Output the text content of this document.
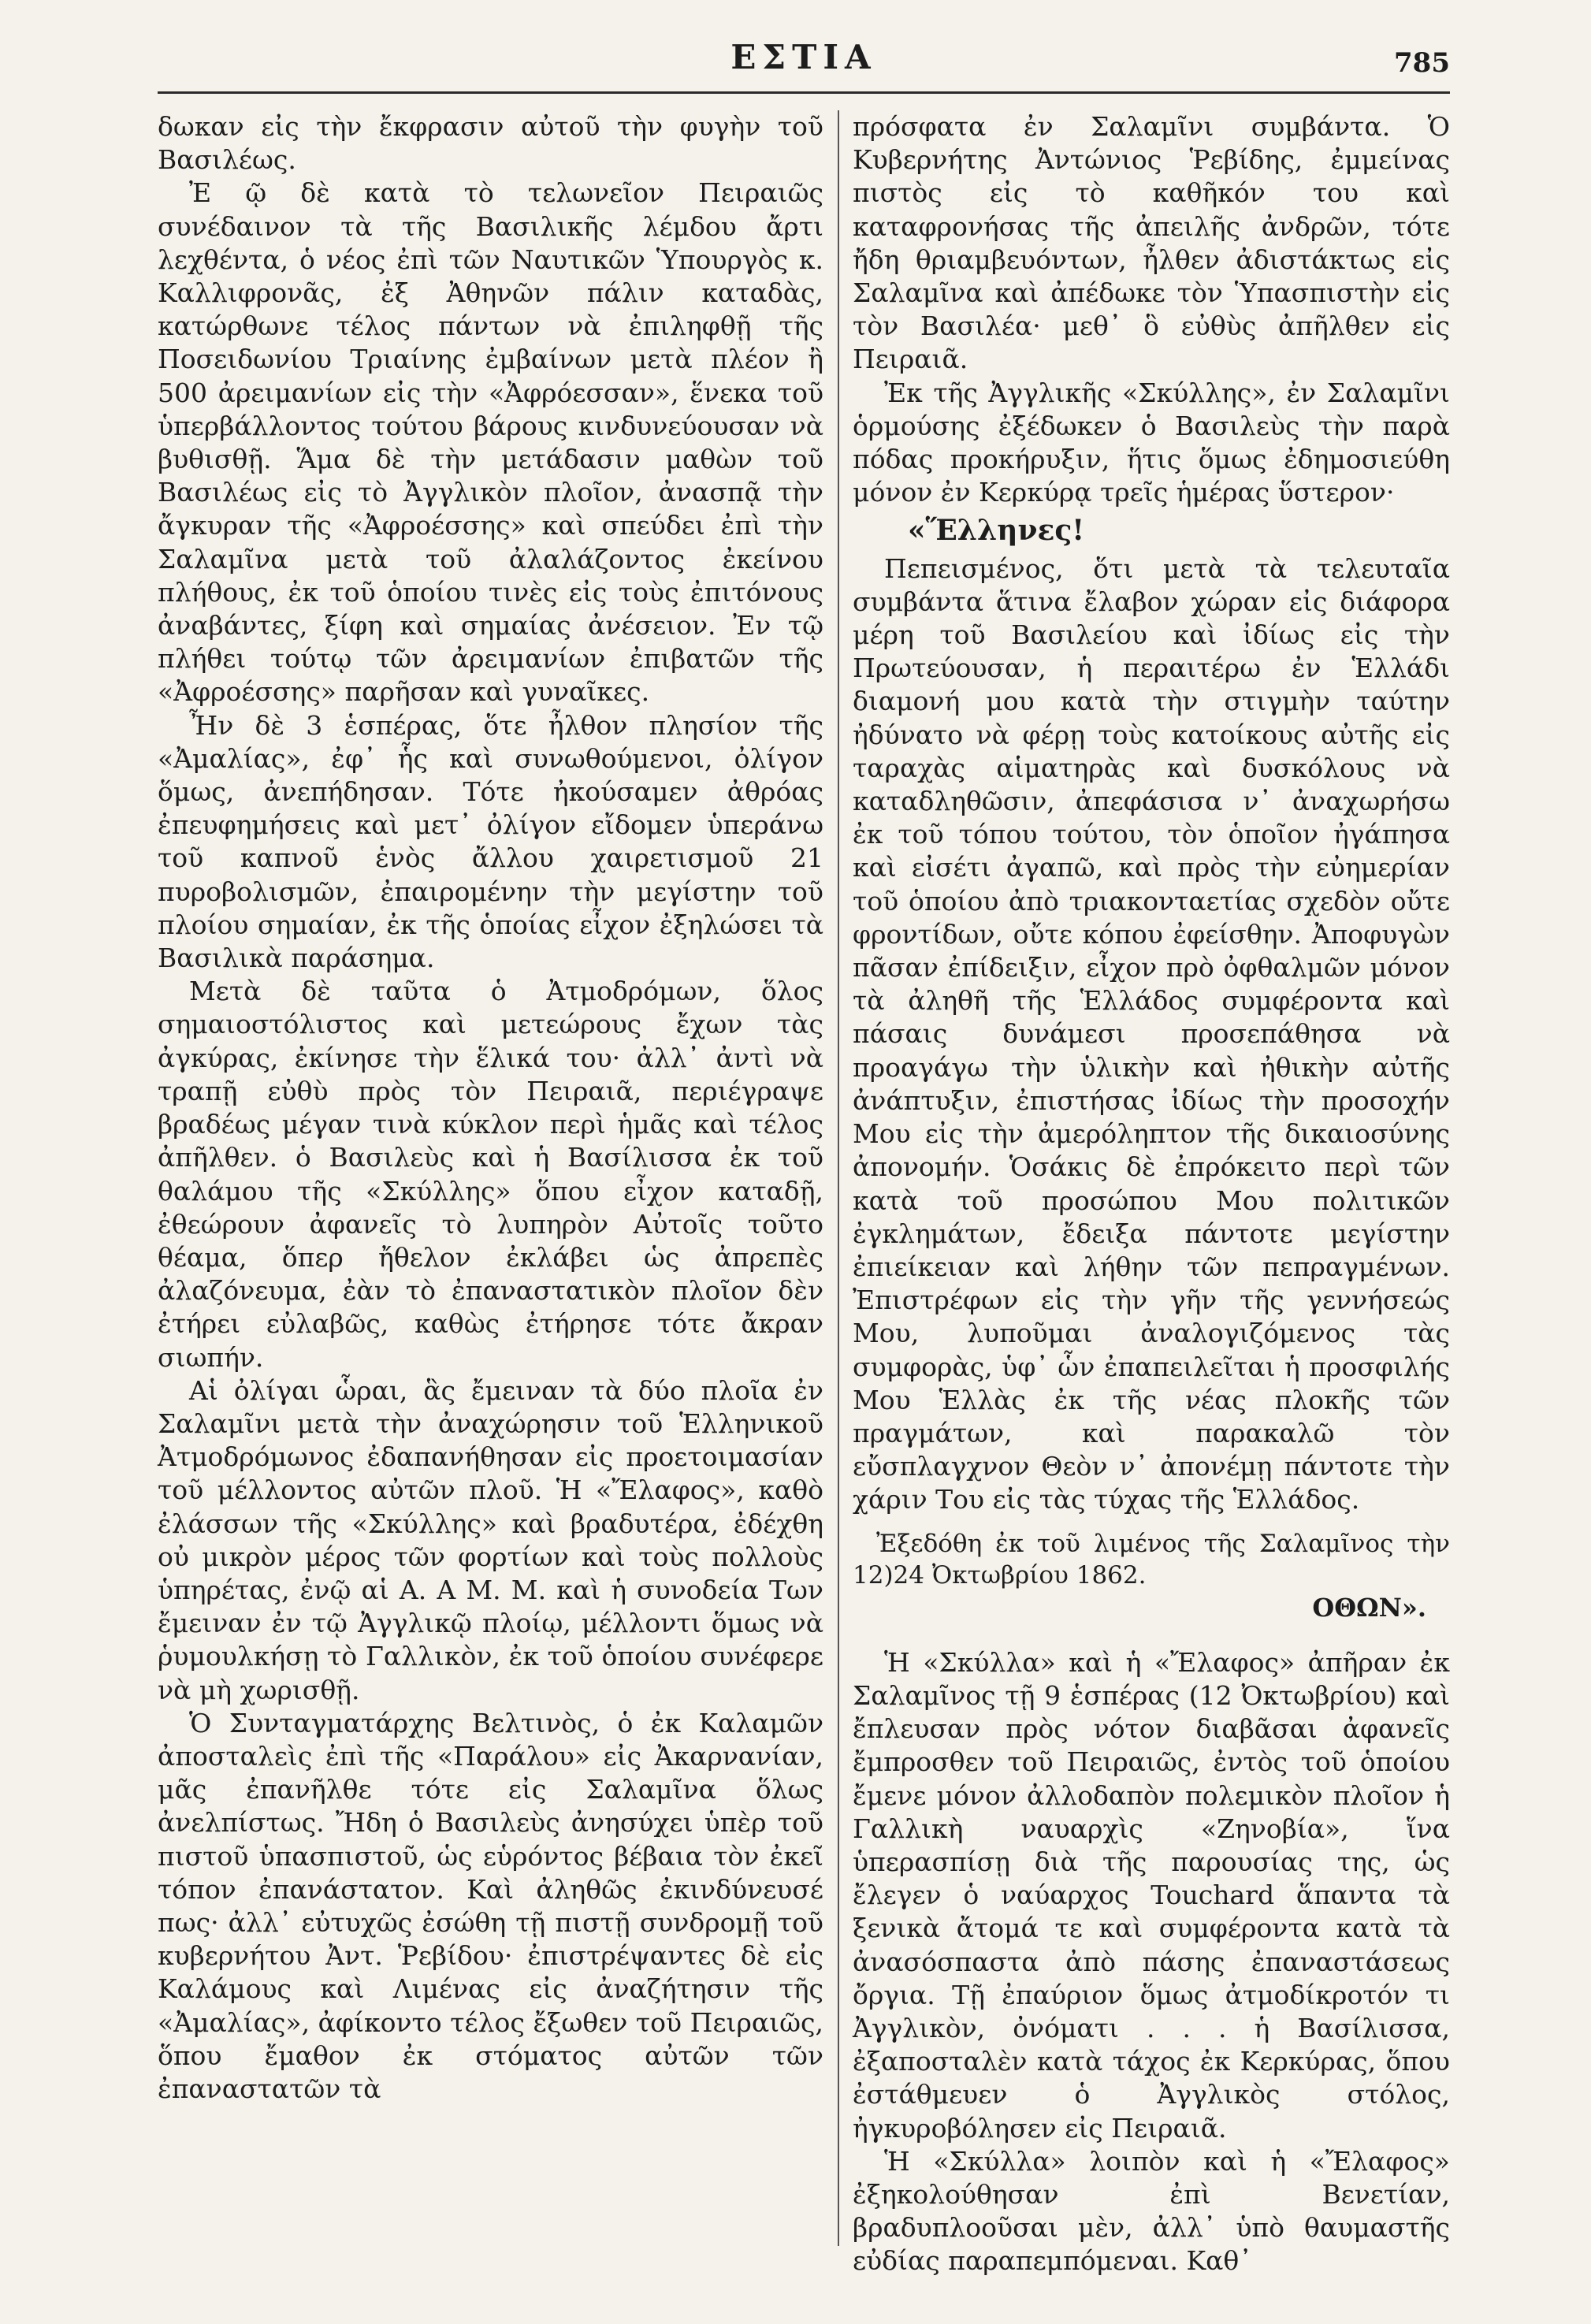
ΕΣΤΙΑ	785

δωκαν εἰς τὴν ἔκφρασιν αὐτοῦ τὴν φυγὴν τοῦ Βασιλέως.

Ἐ ῷ δὲ κατὰ τὸ τελωνεῖον Πειραιῶς συνέδαινον τὰ τῆς Βασιλικῆς λέμδου ἄρτι λεχθέντα, ὁ νέος ἐπὶ τῶν Ναυτικῶν Ὑπουργὸς κ. Καλλιφρονᾶς, ἐξ Ἀθηνῶν πάλιν καταδὰς, κατώρθωνε τέλος πάντων νὰ ἐπιληφθῇ τῆς Ποσειδωνίου Τριαίνης ἐμβαίνων μετὰ πλέον ἢ 500 ἀρειμανίων εἰς τὴν «Ἀφρόεσσαν», ἕνεκα τοῦ ὑπερβάλλοντος τούτου βάρους κινδυνεύουσαν νὰ βυθισθῇ. Ἅμα δὲ τὴν μετάδασιν μαθὼν τοῦ Βασιλέως εἰς τὸ Ἀγγλικὸν πλοῖον, ἀνασπᾷ τὴν ἄγκυραν τῆς «Ἀφροέσσης» καὶ σπεύδει ἐπὶ τὴν Σαλαμῖνα μετὰ τοῦ ἀλαλάζοντος ἐκείνου πλήθους, ἐκ τοῦ ὁποίου τινὲς εἰς τοὺς ἐπιτόνους ἀναβάντες, ξίφη καὶ σημαίας ἀνέσειον. Ἐν τῷ πλήθει τούτῳ τῶν ἀρειμανίων ἐπιβατῶν τῆς «Ἀφροέσσης» παρῆσαν καὶ γυναῖκες.

Ἦν δὲ 3 ἑσπέρας, ὅτε ἦλθον πλησίον τῆς «Ἀμαλίας», ἐφ᾿ ἧς καὶ συνωθούμενοι, ὀλίγον ὅμως, ἀνεπήδησαν. Τότε ἠκούσαμεν ἀθρόας ἐπευφημήσεις καὶ μετ᾿ ὀλίγον εἴδομεν ὑπεράνω τοῦ καπνοῦ ἑνὸς ἄλλου χαιρετισμοῦ 21 πυροβολισμῶν, ἐπαιρομένην τὴν μεγίστην τοῦ πλοίου σημαίαν, ἐκ τῆς ὁποίας εἶχον ἐξηλώσει τὰ Βασιλικὰ παράσημα.

Μετὰ δὲ ταῦτα ὁ Ἀτμοδρόμων, ὅλος σημαιοστόλιστος καὶ μετεώρους ἔχων τὰς ἀγκύρας, ἐκίνησε τὴν ἕλικά του· ἀλλ᾿ ἀντὶ νὰ τραπῇ εὐθὺ πρὸς τὸν Πειραιᾶ, περιέγραψε βραδέως μέγαν τινὰ κύκλον περὶ ἡμᾶς καὶ τέλος ἀπῆλθεν. ὁ Βασιλεὺς καὶ ἡ Βασίλισσα ἐκ τοῦ θαλάμου τῆς «Σκύλλης» ὅπου εἶχον καταδῇ, ἐθεώρουν ἀφανεῖς τὸ λυπηρὸν Αὐτοῖς τοῦτο θέαμα, ὅπερ ἤθελον ἐκλάβει ὡς ἀπρεπὲς ἀλαζόνευμα, ἐὰν τὸ ἐπαναστατικὸν πλοῖον δὲν ἐτήρει εὐλαβῶς, καθὼς ἐτήρησε τότε ἄκραν σιωπήν.

Αἱ ὀλίγαι ὧραι, ἃς ἔμειναν τὰ δύο πλοῖα ἐν Σαλαμῖνι μετὰ τὴν ἀναχώρησιν τοῦ Ἑλληνικοῦ Ἀτμοδρόμωνος ἐδαπανήθησαν εἰς προετοιμασίαν τοῦ μέλλοντος αὐτῶν πλοῦ. Ἡ «Ἔλαφος», καθὸ ἐλάσσων τῆς «Σκύλλης» καὶ βραδυτέρα, ἐδέχθη οὐ μικρὸν μέρος τῶν φορτίων καὶ τοὺς πολλοὺς ὑπηρέτας, ἐνῷ αἱ Α. Α Μ. Μ. καὶ ἡ συνοδεία Των ἔμειναν ἐν τῷ Ἀγγλικῷ πλοίῳ, μέλλοντι ὅμως νὰ ῥυμουλκήσῃ τὸ Γαλλικὸν, ἐκ τοῦ ὁποίου συνέφερε νὰ μὴ χωρισθῇ.

Ὁ Συνταγματάρχης Βελτινὸς, ὁ ἐκ Καλαμῶν ἀποσταλεὶς ἐπὶ τῆς «Παράλου» εἰς Ἀκαρνανίαν, μᾶς ἐπανῆλθε τότε εἰς Σαλαμῖνα ὅλως ἀνελπίστως. Ἤδη ὁ Βασιλεὺς ἀνησύχει ὑπὲρ τοῦ πιστοῦ ὑπασπιστοῦ, ὡς εὑρόντος βέβαια τὸν ἐκεῖ τόπον ἐπανάστατον. Καὶ ἀληθῶς ἐκινδύνευσέ πως· ἀλλ᾿ εὐτυχῶς ἐσώθη τῇ πιστῇ συνδρομῇ τοῦ κυβερνήτου Ἀντ. Ῥεβίδου· ἐπιστρέψαντες δὲ εἰς Καλάμους καὶ Λιμένας εἰς ἀναζήτησιν τῆς «Ἀμαλίας», ἀφίκοντο τέλος ἔξωθεν τοῦ Πειραιῶς, ὅπου ἔμαθον ἐκ στόματος αὐτῶν τῶν ἐπαναστατῶν τὰ

πρόσφατα ἐν Σαλαμῖνι συμβάντα. Ὁ Κυβερνήτης Ἀντώνιος Ῥεβίδης, ἐμμείνας πιστὸς εἰς τὸ καθῆκόν του καὶ καταφρονήσας τῆς ἀπειλῆς ἀνδρῶν, τότε ἤδη θριαμβευόντων, ἦλθεν ἀδιστάκτως εἰς Σαλαμῖνα καὶ ἀπέδωκε τὸν Ὑπασπιστὴν εἰς τὸν Βασιλέα· μεθ᾿ ὃ εὐθὺς ἀπῆλθεν εἰς Πειραιᾶ.

Ἐκ τῆς Ἀγγλικῆς «Σκύλλης», ἐν Σαλαμῖνι ὁρμούσης ἐξέδωκεν ὁ Βασιλεὺς τὴν παρὰ πόδας προκήρυξιν, ἥτις ὅμως ἐδημοσιεύθη μόνον ἐν Κερκύρᾳ τρεῖς ἡμέρας ὕστερον·

«Ἕλληνες!

Πεπεισμένος, ὅτι μετὰ τὰ τελευταῖα συμβάντα ἅτινα ἔλαβον χώραν εἰς διάφορα μέρη τοῦ Βασιλείου καὶ ἰδίως εἰς τὴν Πρωτεύουσαν, ἡ περαιτέρω ἐν Ἑλλάδι διαμονή μου κατὰ τὴν στιγμὴν ταύτην ἠδύνατο νὰ φέρῃ τοὺς κατοίκους αὐτῆς εἰς ταραχὰς αἱματηρὰς καὶ δυσκόλους νὰ καταδληθῶσιν, ἀπεφάσισα ν᾿ ἀναχωρήσω ἐκ τοῦ τόπου τούτου, τὸν ὁποῖον ἠγάπησα καὶ εἰσέτι ἀγαπῶ, καὶ πρὸς τὴν εὐημερίαν τοῦ ὁποίου ἀπὸ τριακονταετίας σχεδὸν οὔτε φροντίδων, οὔτε κόπου ἐφείσθην. Ἀποφυγὼν πᾶσαν ἐπίδειξιν, εἶχον πρὸ ὀφθαλμῶν μόνον τὰ ἀληθῆ τῆς Ἑλλάδος συμφέροντα καὶ πάσαις δυνάμεσι προσεπάθησα νὰ προαγάγω τὴν ὑλικὴν καὶ ἠθικὴν αὐτῆς ἀνάπτυξιν, ἐπιστήσας ἰδίως τὴν προσοχήν Μου εἰς τὴν ἀμερόληπτον τῆς δικαιοσύνης ἀπονομήν. Ὁσάκις δὲ ἐπρόκειτο περὶ τῶν κατὰ τοῦ προσώπου Μου πολιτικῶν ἐγκλημάτων, ἔδειξα πάντοτε μεγίστην ἐπιείκειαν καὶ λήθην τῶν πεπραγμένων. Ἐπιστρέφων εἰς τὴν γῆν τῆς γεννήσεώς Μου, λυποῦμαι ἀναλογιζόμενος τὰς συμφορὰς, ὑφ᾿ ὧν ἐπαπειλεῖται ἡ προσφιλής Μου Ἑλλὰς ἐκ τῆς νέας πλοκῆς τῶν πραγμάτων, καὶ παρακαλῶ τὸν εὔσπλαγχνον Θεὸν ν᾿ ἀπονέμῃ πάντοτε τὴν χάριν Του εἰς τὰς τύχας τῆς Ἑλλάδος.

Ἐξεδόθη ἐκ τοῦ λιμένος τῆς Σαλαμῖνος τὴν 12)24 Ὀκτωβρίου 1862.

ΟΘΩΝ».

Ἡ «Σκύλλα» καὶ ἡ «Ἔλαφος» ἀπῆραν ἐκ Σαλαμῖνος τῇ 9 ἑσπέρας (12 Ὀκτωβρίου) καὶ ἔπλευσαν πρὸς νότον διαβᾶσαι ἀφανεῖς ἔμπροσθεν τοῦ Πειραιῶς, ἐντὸς τοῦ ὁποίου ἔμενε μόνον ἀλλοδαπὸν πολεμικὸν πλοῖον ἡ Γαλλικὴ ναυαρχὶς «Ζηνοβία», ἵνα ὑπερασπίσῃ διὰ τῆς παρουσίας της, ὡς ἔλεγεν ὁ ναύαρχος Touchard ἅπαντα τὰ ξενικὰ ἄτομά τε καὶ συμφέροντα κατὰ τὰ ἀνασόσπαστα ἀπὸ πάσης ἐπαναστάσεως ὄργια. Τῇ ἐπαύριον ὅμως ἀτμοδίκροτόν τι Ἀγγλικὸν, ὀνόματι . . . ἡ Βασίλισσα, ἐξαποσταλὲν κατὰ τάχος ἐκ Κερκύρας, ὅπου ἐστάθμευεν ὁ Ἀγγλικὸς στόλος, ἠγκυροβόλησεν εἰς Πειραιᾶ.

Ἡ «Σκύλλα» λοιπὸν καὶ ἡ «Ἔλαφος» ἐξηκολούθησαν ἐπὶ Βενετίαν, βραδυπλοοῦσαι μὲν, ἀλλ᾿ ὑπὸ θαυμαστῆς εὐδίας παραπεμπόμεναι. Καθ᾿
